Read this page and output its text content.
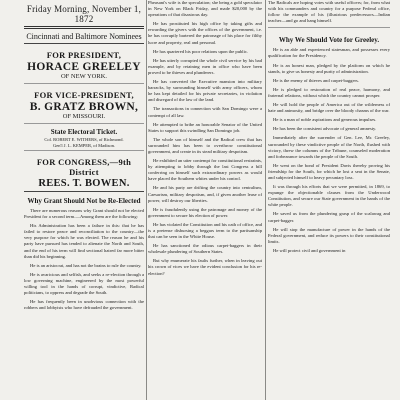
Friday Morning, November 1, 1872
Cincinnati and Baltimore Nominees
FOR PRESIDENT,
HORACE GREELEY
OF NEW YORK.
FOR VICE-PRESIDENT,
B. GRATZ BROWN,
OF MISSOURI.
State Electoral Ticket.
Col. ROBERT E. WITHERS, of Richmond.
Gen'l J. L. KEMPER, of Madison.
FOR CONGRESS,—9th District
REES. T. BOWEN.
Why Grant Should Not be Re-Elected

There are numerous reasons why Grant should not be elected President for a second term.—Among them are the following:

His Administration has been a failure in this: that he has failed to restore peace and reconciliation to the country—the very purpose for which he was elected. The reason he and his party have pursued has tended to alienate the North and South, and the end of his term will find sectional hatred far more bitter than did his beginning.

He is an aristocrat, and has not the brains to rule the country.

He is avaricious and selfish, and seeks a re-election through a low governing machine, engineered by the most powerful willing tool in the hands of corrupt, vindictive, Radical politicians, to oppress and degrade the South.

He has frequently been in unobvious connection with the robbers and lobbyists who have defrauded the government.

Pheasant's wife is the speculation; she being a gold speculator in New York on Black Friday, and made $20,000 by the operations of that disastrous day.

He has prostituted his high office by taking gifts and rewarding the givers with the offices of the government, i.e. he has corruptly bartered the patronage of his place for filthy lucre and property, real and personal.

He has quartered his poor relations upon the public.

He has utterly corrupted the whole civil service by his bad example, and by retaining men in office who have been proved to be thieves and plunderers.

He has converted the Executive mansion into military barracks, by surrounding himself with army officers, whom he has kept detailed for his private secretaries, in violation and disregard of the law of the land.

The transactions in connection with San Domingo were a contempt of all law.

He attempted to bribe an honorable Senator of the United States to support this swindling San Domingo job.

The whole son of himself and the Radical crew that has surrounded him has been to overthrow constitutional government, and create in its stead military despotism.

He exhibited an utter contempt for constitutional restraints, by attempting to lobby through the last Congress a bill conferring on himself such extraordinary powers as would have placed the Southern whites under his control.

He and his party are drifting the country into centralism, Caesarism, military despotism, and, if given another lease of power, will destroy our liberties.

He is fraudulently using the patronage and money of the government to secure his election of power.

He has violated the Constitution and his oath of office, and is a pretense disbursing a beggars term to the partisanship that can be seen in the White House.

He has sanctioned the odious carpet-baggers in their wholesale plundering of Southern States.

But why enumerate his faults further, when in leaving out his crown of vices we have the evident conclusion for his re-election?

The Radicals are hoping votes with useful officers; for, from what with his commanders and country for a purpose Federal office, follow the example of his (illustrious predecessors—Indian teacher—and go and hang himself.

Why We Should Vote for Greeley.

He is an able and experienced statesman, and possesses every qualification for the Presidency.

He is an honest man, pledged by the platform on which he stands, to give us honesty and purity of administration.

He is the enemy of thieves and carpet-baggers.

He is pledged to restoration of real peace, harmony, and fraternal relations, without which the country cannot prosper.

He will hold the people of America out of the wilderness of hate and animosity, and bridge over the bloody chasms of the war.

He is a man of noble aspirations and generous impulses.

He has been the consistent advocate of general amnesty.

Immediately after the surrender of Gen. Lee, Mr. Greeley, surrounded by these vindictive people of the North, flushed with victory, threw the columns of the Tribune, counseled moderation and forbearance towards the people of the South.

He went on the bond of President Davis thereby proving his friendship for the South, for which he lost a seat in the Senate, and subjected himself to heavy pecuniary loss.

It was through his efforts that we were permitted, in 1869, to expunge the objectionable clauses from the Underwood Constitution, and secure our State government in the hands of the white people.

He saved us from the plundering grasp of the scalawag and carpet-bagger.

He will stop the manufacture of power in the hands of the Federal government, and reduce its powers to their constitutional limits.

He will protect civil and government in
